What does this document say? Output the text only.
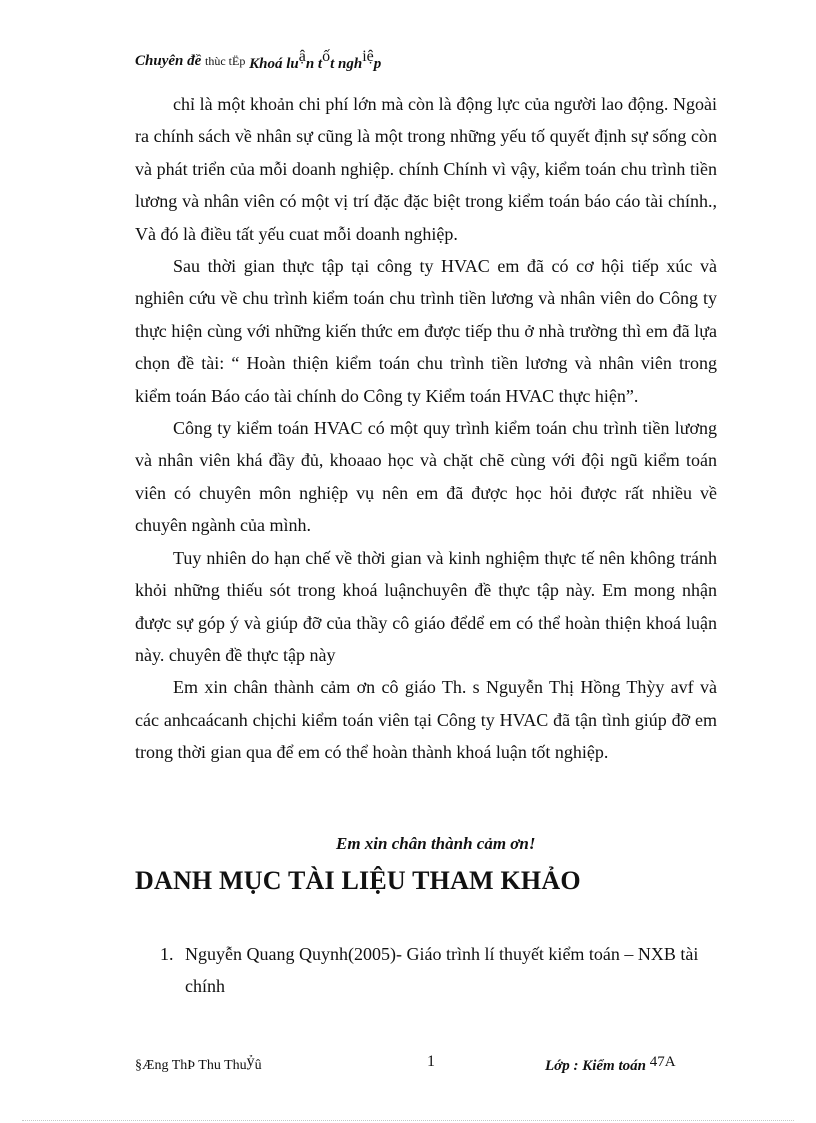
Chuyên đề thùc tËp Khoá luận tốt nghiệp

chỉ là một khoản chi phí lớn mà còn là động lực của người lao động. Ngoài ra chính sách về nhân sự cũng là một trong những yếu tố quyết định sự sống còn và phát triển của mỗi doanh nghiệp. chính Chính vì vậy, kiểm toán chu trình tiền lương và nhân viên có một vị trí đặc đặc biệt trong kiểm toán báo cáo tài chính., Và đó là điều tất yếu cuat mỗi doanh nghiệp.

Sau thời gian thực tập tại công ty HVAC em đã có cơ hội tiếp xúc và nghiên cứu về chu trình kiểm toán chu trình tiền lương và nhân viên do Công ty thực hiện cùng với những kiến thức em được tiếp thu ở nhà trường thì em đã lựa chọn đề tài: “ Hoàn thiện kiểm toán chu trình tiền lương và nhân viên trong kiểm toán Báo cáo tài chính do Công ty Kiểm toán HVAC thực hiện”.

Công ty kiểm toán HVAC có một quy trình kiểm toán chu trình tiền lương và nhân viên khá đầy đủ, khoaao học và chặt chẽ cùng với đội ngũ kiểm toán viên có chuyên môn nghiệp vụ nên em đã được học hỏi được rất nhiều về chuyên ngành của mình.

Tuy nhiên do hạn chế về thời gian và kinh nghiệm thực tế nên không tránh khỏi những thiếu sót trong khoá luậnchuyên đề thực tập này. Em mong nhận được sự góp ý và giúp đỡ của thầy cô giáo đểdể em có thể hoàn thiện khoá luận này. chuyên đề thực tập này

Em xin chân thành cảm ơn cô giáo Th. s Nguyễn Thị Hồng Thỳy avf và các anhcaácanh chịchi kiểm toán viên tại Công ty HVAC đã tận tình giúp đỡ em trong thời gian qua để em có thể hoàn thành khoá luận tốt nghiệp.

Em xin chân thành cảm ơn!
DANH MỤC TÀI LIỆU THAM KHẢO
1. Nguyễn Quang Quynh(2005)- Giáo trình lí thuyết kiểm toán – NXB tài chính
§Æng ThÞ Thu Thuỷû	1	Lớp : Kiểm toán 47A
